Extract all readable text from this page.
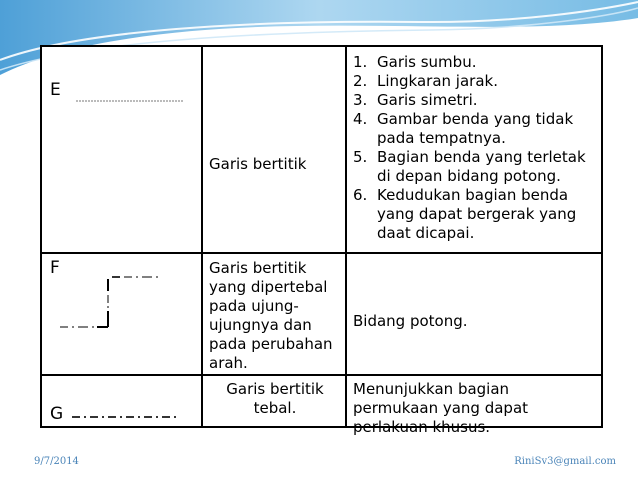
E
Garis bertitik
1. Garis sumbu.
2. Lingkaran jarak.
3. Garis simetri.
4. Gambar benda yang tidak pada tempatnya.
5. Bagian benda yang terletak di depan bidang potong.
6. Kedudukan bagian benda yang dapat bergerak yang daat dicapai.
F	Garis bertitik yang dipertebal pada ujung-ujungnya dan pada perubahan arah.
Bidang potong.
G
Garis bertitik tebal.
Menunjukkan bagian permukaan yang dapat perlakuan khusus.
9/7/2014	RiniSv3@gmail.com
